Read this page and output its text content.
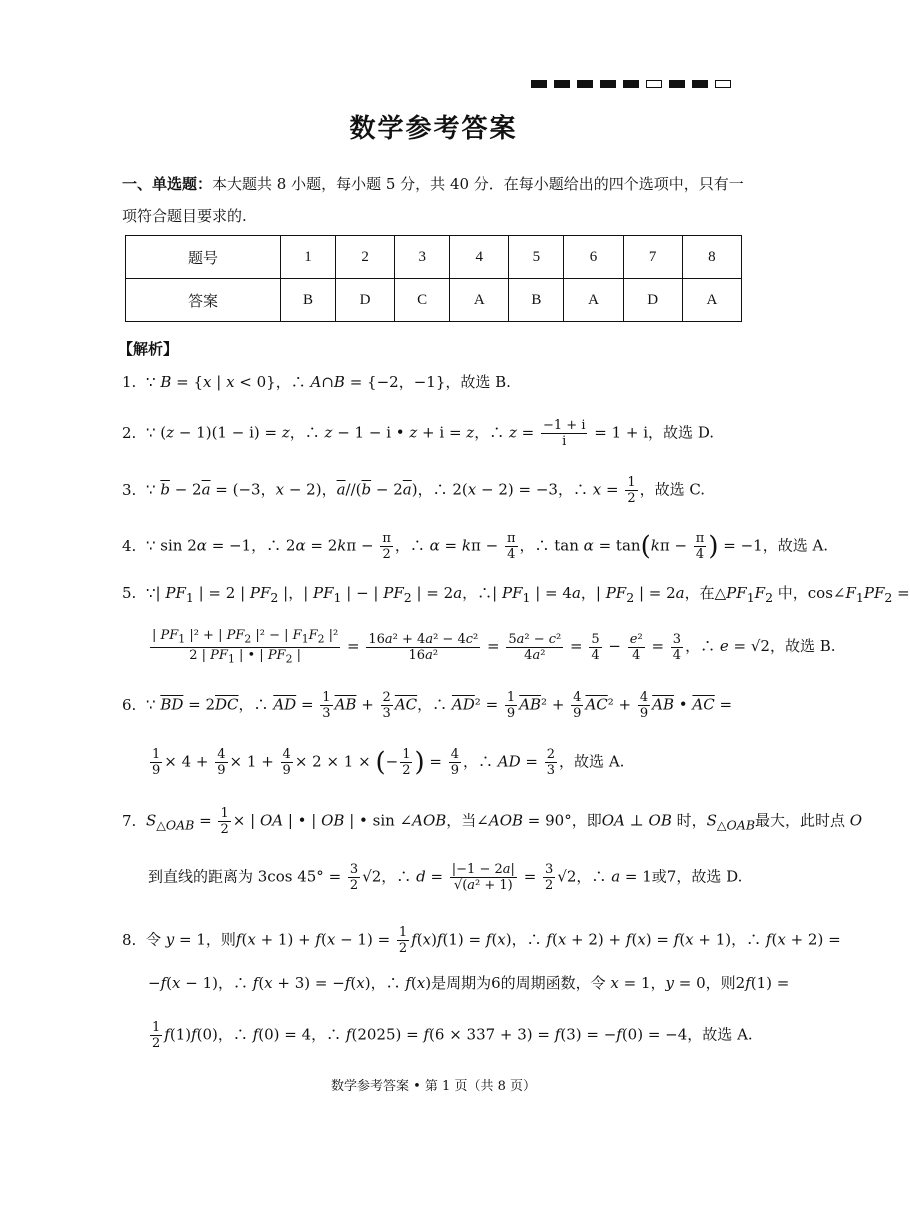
数学参考答案
一、单选题：本大题共 8 小题，每小题 5 分，共 40 分．在每小题给出的四个选项中，只有一
项符合题目要求的.
题号	1	2	3	4	5	6	7	8
答案	B	D	C	A	B	A	D	A
【解析】
1. ∵ B = {x | x < 0}，∴ A∩B = {−2，−1}，故选 B.
2. ∵ (z − 1)(1 − i) = z，∴ z − 1 − i • z + i = z，∴ $z = \frac{-1 + i}{i} = 1 + i$，故选 D.
3. ∵ $\overline{b} - 2\overline{a} = (-3$，x − 2)，$\overline{a}//(\overline{b} - 2\overline{a})$，∴ 2(x − 2) = −3，∴ $x = \frac{1}{2}$ ，故选 C.
4. ∵ sin 2α = −1，∴ $2\alpha = 2k\pi - \frac{\pi}{2}$ ，∴ $\alpha = k\pi - \frac{\pi}{4}$ ，∴ $\tan \alpha = \tan(k\pi - \frac{\pi}{4}$ ) = −1，故选 A.
5. ∵| $PF_1$ | = 2 | $PF_2$ |，| $PF_1$ | − | $PF_2$ | = 2a，∴| $PF_1$ | = 4a，| $PF_2$ | = 2a，在$\triangle PF_1F_2$ 中，$\cos\angle F_1PF_2$ =
$\frac{| PF_1 |^2 + | PF_2 |^2 - | F_1F_2 |^2}{2 | PF_1 | • | PF_2 |} = \frac{\text{16a² + 4a² − 4c²}}{\text{16a²}} = \frac{\text{5a² − c²}}{\text{4a²}} = \frac{5}{4} - \frac{\text{e²}}{4} = \frac{3}{4}$ ，∴ e = √2，故选 B.
6. ∵ $\overline{BD} = 2\overline{DC}$，∴ $\overline{AD} = \frac{1}{3} \overline{AB} + \frac{2}{3} \overline{AC}$，∴ $\overline{AD}^2 = \frac{1}{9} \overline{AB}^2 + \frac{4}{9} \overline{AC}^2 + \frac{4}{9} \overline{AB}$ • $\overline{AC}$ =
$\frac{1}{9} \times 4 + \frac{4}{9} \times 1 + \frac{4}{9} \times 2 \times 1$ × (− $\frac{1}{2}$ ) = $\frac{4}{9}$ ，∴ AD = $\frac{2}{3}$ ，故选 A.
7. $S_{\triangle OAB} = \frac{1}{2}$ × | OA | • | OB | • sin ∠AOB，当∠AOB = 90°，即OA ⊥ OB 时，$S_{\triangle OAB}$最大，此时点 O
到直线的距离为 3cos $45^\circ = \frac{3}{2} √2$，∴ $d = \frac{|-1 - 2a|}{\text{√(a² + 1)}} = \frac{3}{2} √2$，∴ a = 1或7，故选 D.
8. 令 y = 1，则$f(x + 1) + f(x - 1) = \frac{1}{2} f(x)f(1) = f(x)$，∴ f(x + 2) + f(x) = f(x + 1)，∴ f(x + 2) =
−f(x − 1)，∴ f(x + 3) = −f(x)，∴ f(x)是周期为6的周期函数，令 x = 1，y = 0，则2f(1) =
$\frac{1}{2} f(1)f(0)$，∴ f(0) = 4，∴ f(2025) = f(6 × 337 + 3) = f(3) = −f(0) = −4，故选 A.
数学参考答案 • 第 1 页（共 8 页）
